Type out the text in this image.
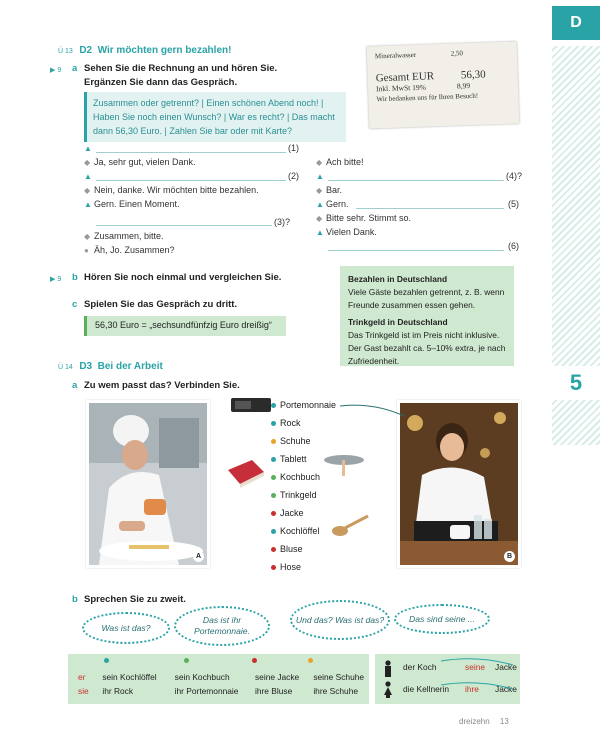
D
5
Ü 13 D2 Wir möchten gern bezahlen!
▶ 9 a Sehen Sie die Rechnung an und hören Sie.
Ergänzen Sie dann das Gespräch.
Zusammen oder getrennt? | Einen schönen Abend noch! |
Haben Sie noch einen Wunsch? | War es recht? | Das macht
dann 56,30 Euro. | Zahlen Sie bar oder mit Karte?
Mineralwasser	2,50
Gesamt EUR 56,30
Inkl. MwSt 19%	8,99
Wir bedanken uns für Ihren Besuch!
▲	(1)
◆ Ja, sehr gut, vielen Dank.
▲	(2)
◆ Nein, danke. Wir möchten bitte bezahlen.
▲ Gern. Einen Moment.
(3)?
◆ Zusammen, bitte.
● Äh, Jo. Zusammen?
◆ Ach bitte!
▲	(4)?
◆ Bar.
▲ Gern.	(5)
◆ Bitte sehr. Stimmt so.
▲ Vielen Dank.
(6)
▶ 9 b Hören Sie noch einmal und vergleichen Sie.
c Spielen Sie das Gespräch zu dritt.
56,30 Euro = „sechsundfünfzig Euro dreißig“
Bezahlen in Deutschland
Viele Gäste bezahlen getrennt, z. B. wenn Freunde zusammen essen gehen.
Trinkgeld in Deutschland
Das Trinkgeld ist im Preis nicht inklusive. Der Gast bezahlt ca. 5–10% extra, je nach Zufriedenheit.
Ü 14 D3 Bei der Arbeit
a Zu wem passt das? Verbinden Sie.
A	B
Portemonnaie
Rock
Schuhe
Tablett
Kochbuch
Trinkgeld
Jacke
Kochlöffel
Bluse
Hose
b Sprechen Sie zu zweit.
Was ist das?
Das ist ihr Portemonnaie.
Und das? Was ist das?	Das sind seine ...
er sein Kochlöffel sein Kochbuch	seine Jacke seine Schuhe
sie ihr Rock	ihr Portemonnaie ihre Bluse	ihre Schuhe
der Koch	seine Jacke
die Kellnerin ihre Jacke
dreizehn 13
